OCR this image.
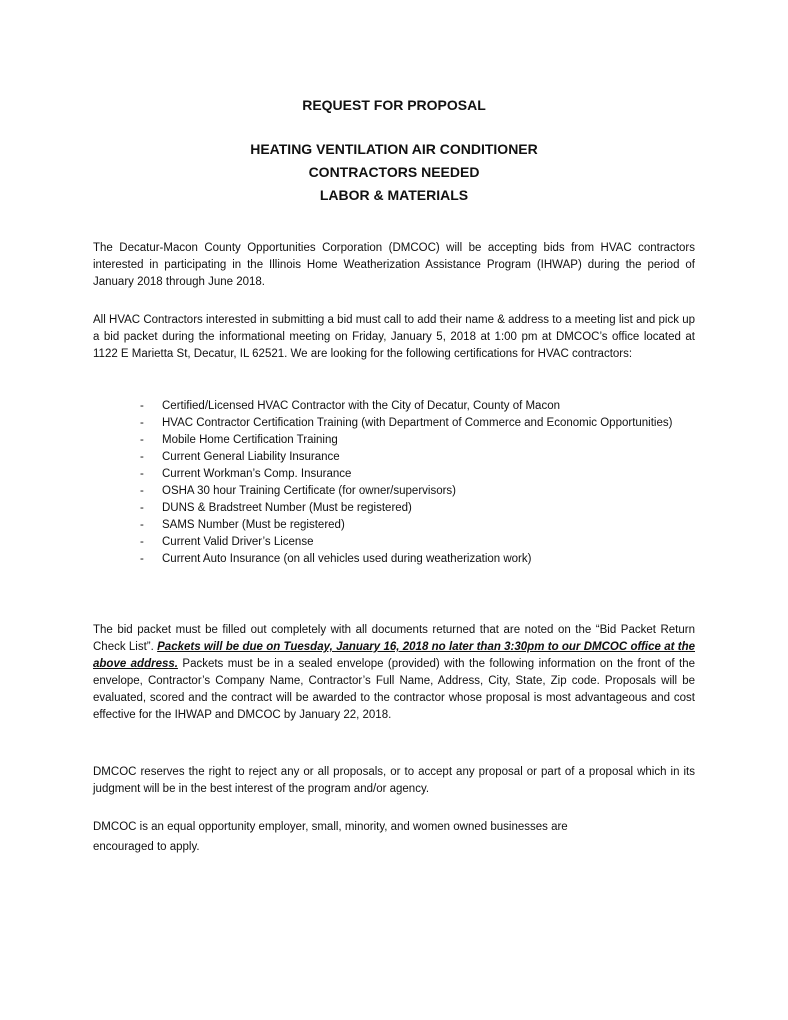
REQUEST FOR PROPOSAL
HEATING VENTILATION AIR CONDITIONER
CONTRACTORS NEEDED
LABOR & MATERIALS

The Decatur-Macon County Opportunities Corporation (DMCOC) will be accepting bids from HVAC contractors interested in participating in the Illinois Home Weatherization Assistance Program (IHWAP) during the period of January 2018 through June 2018.

All HVAC Contractors interested in submitting a bid must call to add their name & address to a meeting list and pick up a bid packet during the informational meeting on Friday, January 5, 2018 at 1:00 pm at DMCOC’s office located at 1122 E Marietta St, Decatur, IL 62521. We are looking for the following certifications for HVAC contractors:

- Certified/Licensed HVAC Contractor with the City of Decatur, County of Macon
- HVAC Contractor Certification Training (with Department of Commerce and Economic Opportunities)
- Mobile Home Certification Training
- Current General Liability Insurance
- Current Workman’s Comp. Insurance
- OSHA 30 hour Training Certificate (for owner/supervisors)
- DUNS & Bradstreet Number (Must be registered)
- SAMS Number (Must be registered)
- Current Valid Driver’s License
- Current Auto Insurance (on all vehicles used during weatherization work)

The bid packet must be filled out completely with all documents returned that are noted on the “Bid Packet Return Check List”. Packets will be due on Tuesday, January 16, 2018 no later than 3:30pm to our DMCOC office at the above address. Packets must be in a sealed envelope (provided) with the following information on the front of the envelope, Contractor’s Company Name, Contractor’s Full Name, Address, City, State, Zip code. Proposals will be evaluated, scored and the contract will be awarded to the contractor whose proposal is most advantageous and cost effective for the IHWAP and DMCOC by January 22, 2018.

DMCOC reserves the right to reject any or all proposals, or to accept any proposal or part of a proposal which in its judgment will be in the best interest of the program and/or agency.

DMCOC is an equal opportunity employer, small, minority, and women owned businesses are
encouraged to apply.
